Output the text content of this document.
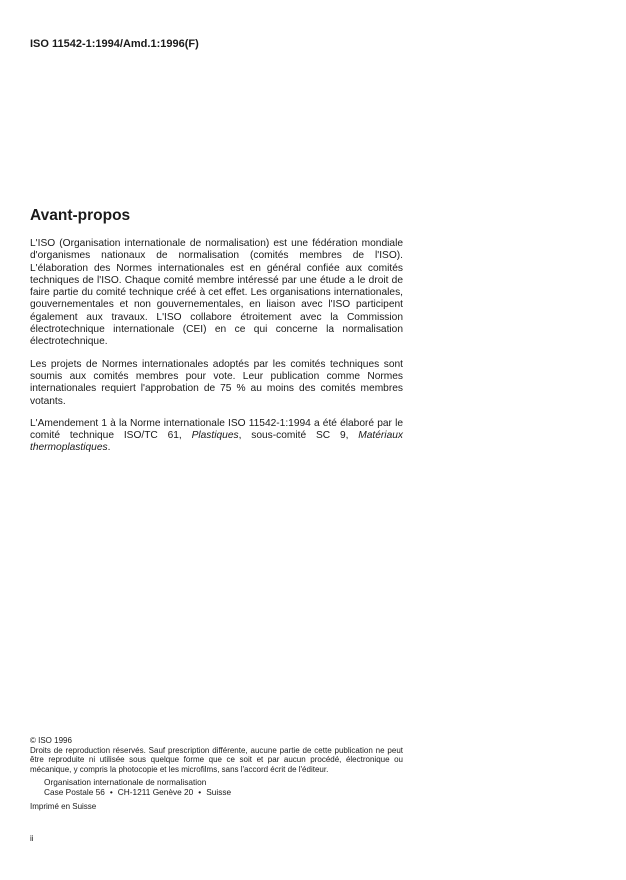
ISO 11542-1:1994/Amd.1:1996(F)
Avant-propos

L'ISO (Organisation internationale de normalisation) est une fédération mondiale d'organismes nationaux de normalisation (comités membres de l'ISO). L'élaboration des Normes internationales est en général confiée aux comités techniques de l'ISO. Chaque comité membre intéressé par une étude a le droit de faire partie du comité technique créé à cet effet. Les organisations internationales, gouvernementales et non gouvernementales, en liaison avec l'ISO participent également aux travaux. L'ISO collabore étroitement avec la Commission électrotechnique internationale (CEI) en ce qui concerne la normalisation électrotechnique.

Les projets de Normes internationales adoptés par les comités techniques sont soumis aux comités membres pour vote. Leur publication comme Normes internationales requiert l'approbation de 75 % au moins des comités membres votants.

L'Amendement 1 à la Norme internationale ISO 11542-1:1994 a été élaboré par le comité technique ISO/TC 61, Plastiques, sous-comité SC 9, Matériaux thermoplastiques.

© ISO 1996

Droits de reproduction réservés. Sauf prescription différente, aucune partie de cette publication ne peut être reproduite ni utilisée sous quelque forme que ce soit et par aucun procédé, électronique ou mécanique, y compris la photocopie et les microfilms, sans l'accord écrit de l'éditeur.

Organisation internationale de normalisation
Case Postale 56 • CH-1211 Genève 20 • Suisse

Imprimé en Suisse

ii
